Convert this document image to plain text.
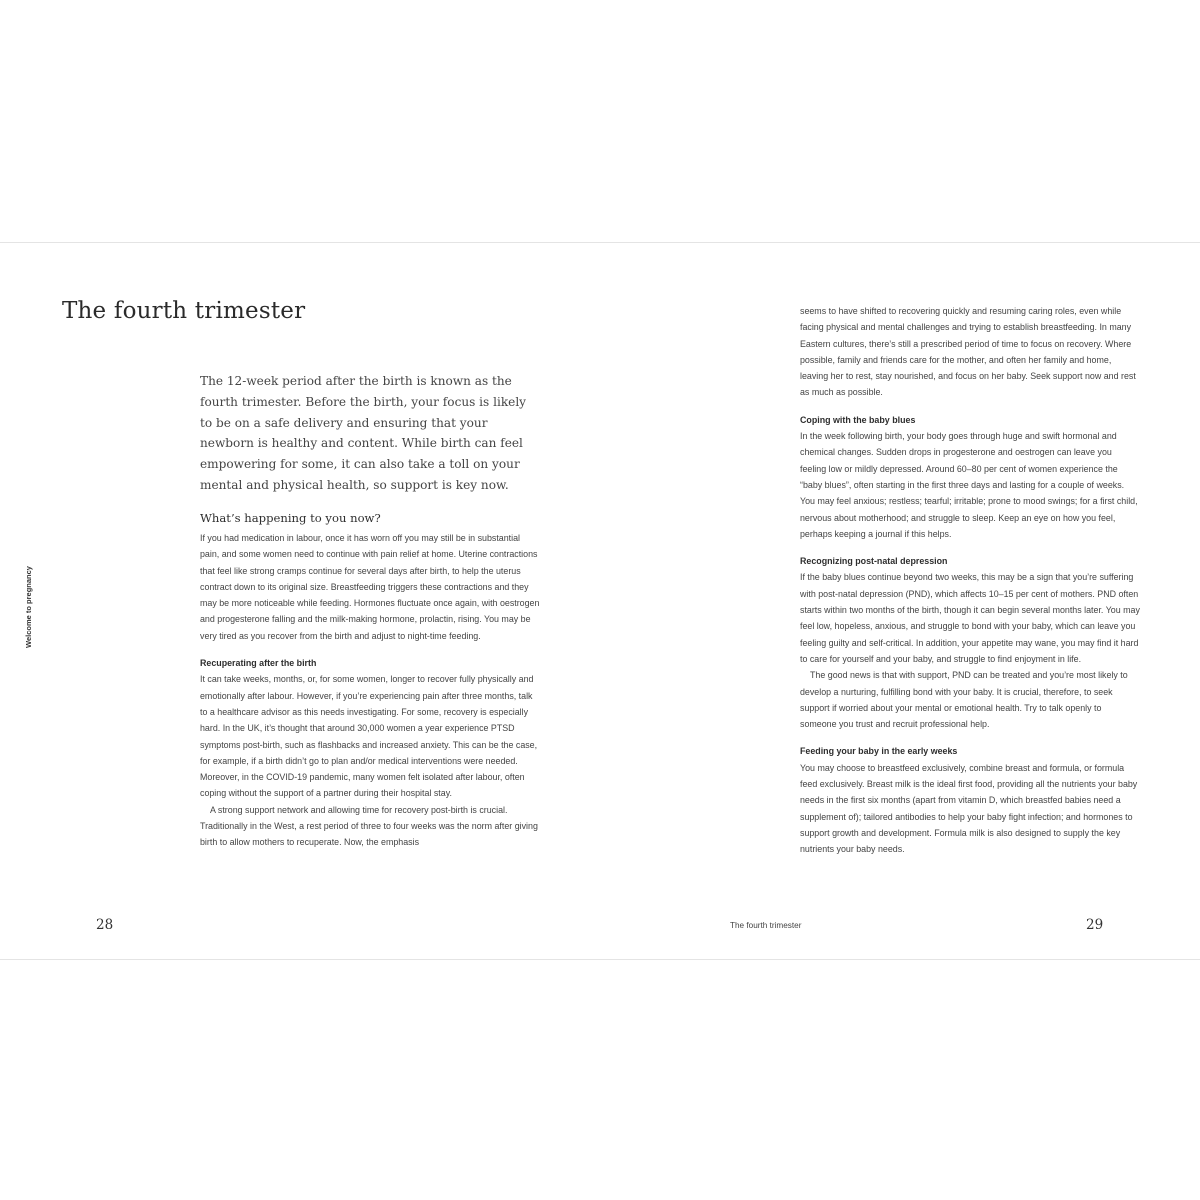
Welcome to pregnancy
The fourth trimester

The 12-week period after the birth is known as the fourth trimester. Before the birth, your focus is likely to be on a safe delivery and ensuring that your newborn is healthy and content. While birth can feel empowering for some, it can also take a toll on your mental and physical health, so support is key now.

What’s happening to you now?

If you had medication in labour, once it has worn off you may still be in substantial pain, and some women need to continue with pain relief at home. Uterine contractions that feel like strong cramps continue for several days after birth, to help the uterus contract down to its original size. Breastfeeding triggers these contractions and they may be more noticeable while feeding. Hormones fluctuate once again, with oestrogen and progesterone falling and the milk-making hormone, prolactin, rising. You may be very tired as you recover from the birth and adjust to night-time feeding.

Recuperating after the birth

It can take weeks, months, or, for some women, longer to recover fully physically and emotionally after labour. However, if you’re experiencing pain after three months, talk to a healthcare advisor as this needs investigating. For some, recovery is especially hard. In the UK, it’s thought that around 30,000 women a year experience PTSD symptoms post-birth, such as flashbacks and increased anxiety. This can be the case, for example, if a birth didn’t go to plan and/or medical interventions were needed. Moreover, in the COVID-19 pandemic, many women felt isolated after labour, often coping without the support of a partner during their hospital stay.

A strong support network and allowing time for recovery post-birth is crucial. Traditionally in the West, a rest period of three to four weeks was the norm after giving birth to allow mothers to recuperate. Now, the emphasis

28

seems to have shifted to recovering quickly and resuming caring roles, even while facing physical and mental challenges and trying to establish breastfeeding. In many Eastern cultures, there’s still a prescribed period of time to focus on recovery. Where possible, family and friends care for the mother, and often her family and home, leaving her to rest, stay nourished, and focus on her baby. Seek support now and rest as much as possible.

Coping with the baby blues

In the week following birth, your body goes through huge and swift hormonal and chemical changes. Sudden drops in progesterone and oestrogen can leave you feeling low or mildly depressed. Around 60–80 per cent of women experience the “baby blues”, often starting in the first three days and lasting for a couple of weeks. You may feel anxious; restless; tearful; irritable; prone to mood swings; for a first child, nervous about motherhood; and struggle to sleep. Keep an eye on how you feel, perhaps keeping a journal if this helps.

Recognizing post-natal depression

If the baby blues continue beyond two weeks, this may be a sign that you’re suffering with post-natal depression (PND), which affects 10–15 per cent of mothers. PND often starts within two months of the birth, though it can begin several months later. You may feel low, hopeless, anxious, and struggle to bond with your baby, which can leave you feeling guilty and self-critical. In addition, your appetite may wane, you may find it hard to care for yourself and your baby, and struggle to find enjoyment in life.

The good news is that with support, PND can be treated and you’re most likely to develop a nurturing, fulfilling bond with your baby. It is crucial, therefore, to seek support if worried about your mental or emotional health. Try to talk openly to someone you trust and recruit professional help.

Feeding your baby in the early weeks

You may choose to breastfeed exclusively, combine breast and formula, or formula feed exclusively. Breast milk is the ideal first food, providing all the nutrients your baby needs in the first six months (apart from vitamin D, which breastfed babies need a supplement of); tailored antibodies to help your baby fight infection; and hormones to support growth and development. Formula milk is also designed to supply the key nutrients your baby needs.

The fourth trimester	29
